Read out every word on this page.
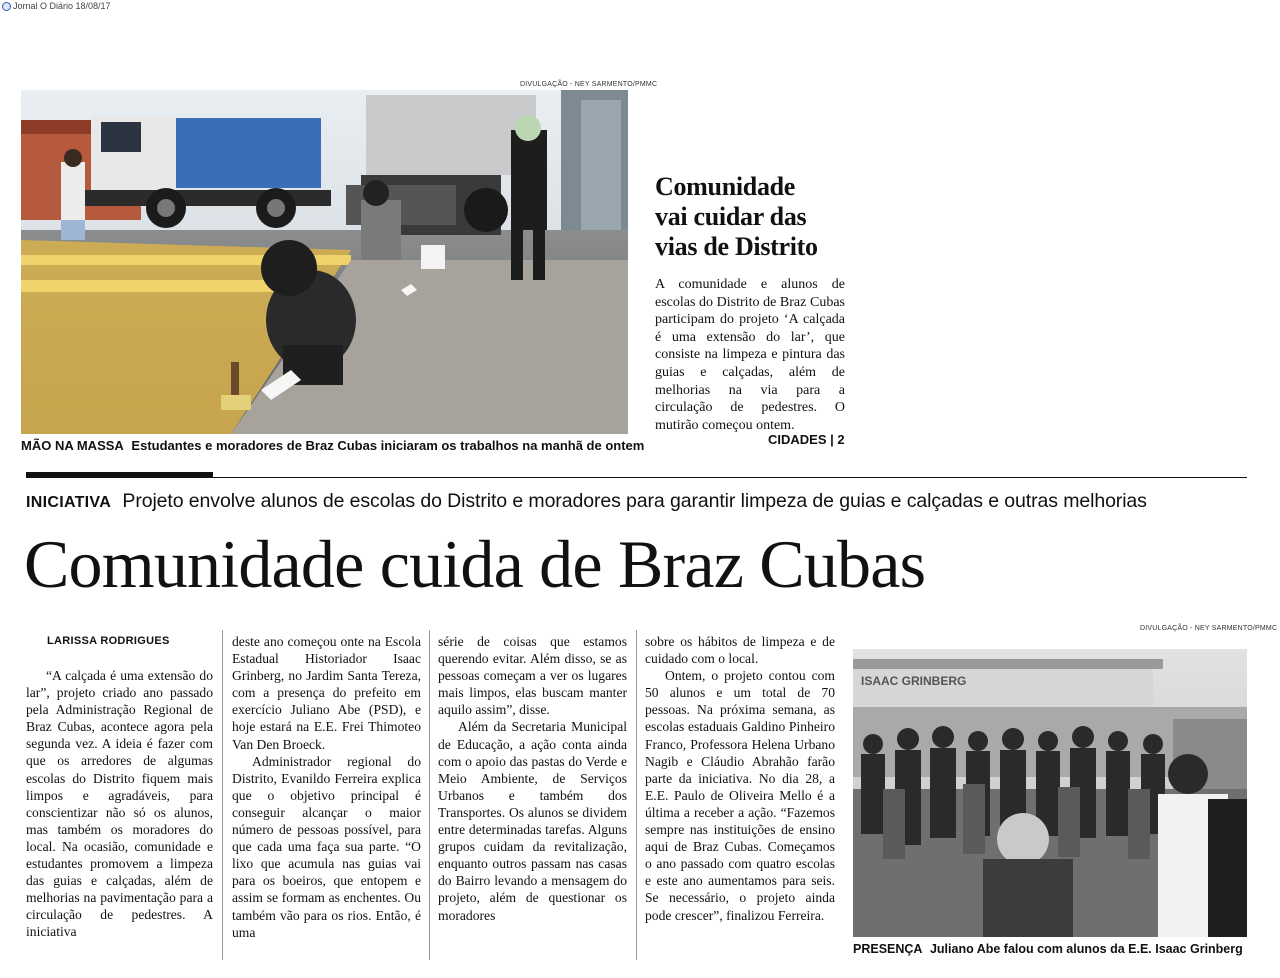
Jornal O Diário 18/08/17
DIVULGAÇÃO - NEY SARMENTO/PMMC
MÃO NA MASSA Estudantes e moradores de Braz Cubas iniciaram os trabalhos na manhã de ontem
Comunidade
vai cuidar das
vias de Distrito
A comunidade e alunos de escolas do Distrito de Braz Cubas participam do projeto ‘A calçada é uma extensão do lar’, que consiste na limpeza e pintura das guias e calçadas, além de melhorias na via para a circulação de pedestres. O mutirão começou ontem.
CIDADES | 2
INICIATIVA Projeto envolve alunos de escolas do Distrito e moradores para garantir limpeza de guias e calçadas e outras melhorias
Comunidade cuida de Braz Cubas
LARISSA RODRIGUES

“A calçada é uma extensão do lar”, projeto criado ano passado pela Administração Regional de Braz Cubas, acontece agora pela segunda vez. A ideia é fazer com que os arredores de algumas escolas do Distrito fiquem mais limpos e agradáveis, para conscientizar não só os alunos, mas também os moradores do local. Na ocasião, comunidade e estudantes promovem a limpeza das guias e calçadas, além de melhorias na pavimentação para a circulação de pedestres. A iniciativa

deste ano começou onte na Escola Estadual Historiador Isaac Grinberg, no Jardim Santa Tereza, com a presença do prefeito em exercício Juliano Abe (PSD), e hoje estará na E.E. Frei Thimoteo Van Den Broeck.

Administrador regional do Distrito, Evanildo Ferreira explica que o objetivo principal é conseguir alcançar o maior número de pessoas possível, para que cada uma faça sua parte. “O lixo que acumula nas guias vai para os boeiros, que entopem e assim se formam as enchentes. Ou também vão para os rios. Então, é uma

série de coisas que estamos querendo evitar. Além disso, se as pessoas começam a ver os lugares mais limpos, elas buscam manter aquilo assim”, disse.

Além da Secretaria Municipal de Educação, a ação conta ainda com o apoio das pastas do Verde e Meio Ambiente, de Serviços Urbanos e também dos Transportes. Os alunos se dividem entre determinadas tarefas. Alguns grupos cuidam da revitalização, enquanto outros passam nas casas do Bairro levando a mensagem do projeto, além de questionar os moradores

sobre os hábitos de limpeza e de cuidado com o local.

Ontem, o projeto contou com 50 alunos e um total de 70 pessoas. Na próxima semana, as escolas estaduais Galdino Pinheiro Franco, Professora Helena Urbano Nagib e Cláudio Abrahão farão parte da iniciativa. No dia 28, a E.E. Paulo de Oliveira Mello é a última a receber a ação. “Fazemos sempre nas instituições de ensino aqui de Braz Cubas. Começamos o ano passado com quatro escolas e este ano aumentamos para seis. Se necessário, o projeto ainda pode crescer”, finalizou Ferreira.

DIVULGAÇÃO - NEY SARMENTO/PMMC
ISAAC GRINBERG
PRESENÇA Juliano Abe falou com alunos da E.E. Isaac Grinberg
